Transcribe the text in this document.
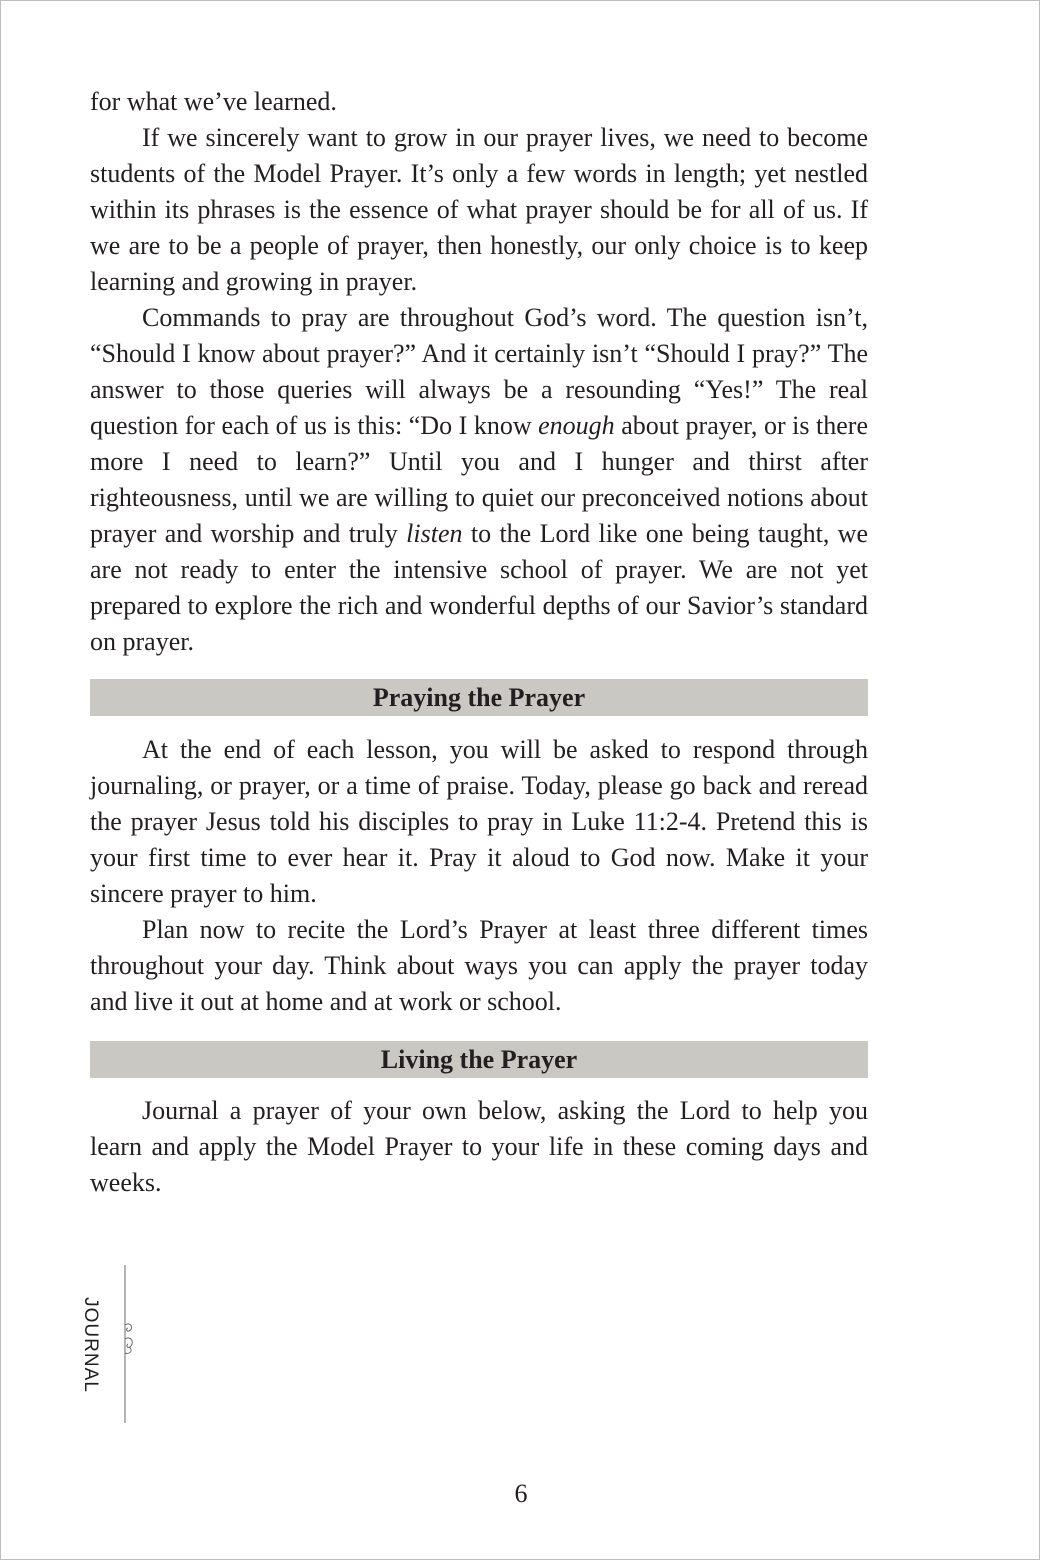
for what we’ve learned.

If we sincerely want to grow in our prayer lives, we need to become students of the Model Prayer. It’s only a few words in length; yet nestled within its phrases is the essence of what prayer should be for all of us. If we are to be a people of prayer, then honestly, our only choice is to keep learning and growing in prayer.

Commands to pray are throughout God’s word. The question isn’t, “Should I know about prayer?” And it certainly isn’t “Should I pray?” The answer to those queries will always be a resounding “Yes!” The real question for each of us is this: “Do I know enough about prayer, or is there more I need to learn?” Until you and I hunger and thirst after righteousness, until we are willing to quiet our preconceived notions about prayer and worship and truly listen to the Lord like one being taught, we are not ready to enter the intensive school of prayer. We are not yet prepared to explore the rich and wonderful depths of our Savior’s standard on prayer.

Praying the Prayer

At the end of each lesson, you will be asked to respond through journaling, or prayer, or a time of praise. Today, please go back and reread the prayer Jesus told his disciples to pray in Luke 11:2-4. Pretend this is your first time to ever hear it. Pray it aloud to God now. Make it your sincere prayer to him.

Plan now to recite the Lord’s Prayer at least three different times throughout your day. Think about ways you can apply the prayer today and live it out at home and at work or school.

Living the Prayer

Journal a prayer of your own below, asking the Lord to help you learn and apply the Model Prayer to your life in these coming days and weeks.

JOURNAL
6
